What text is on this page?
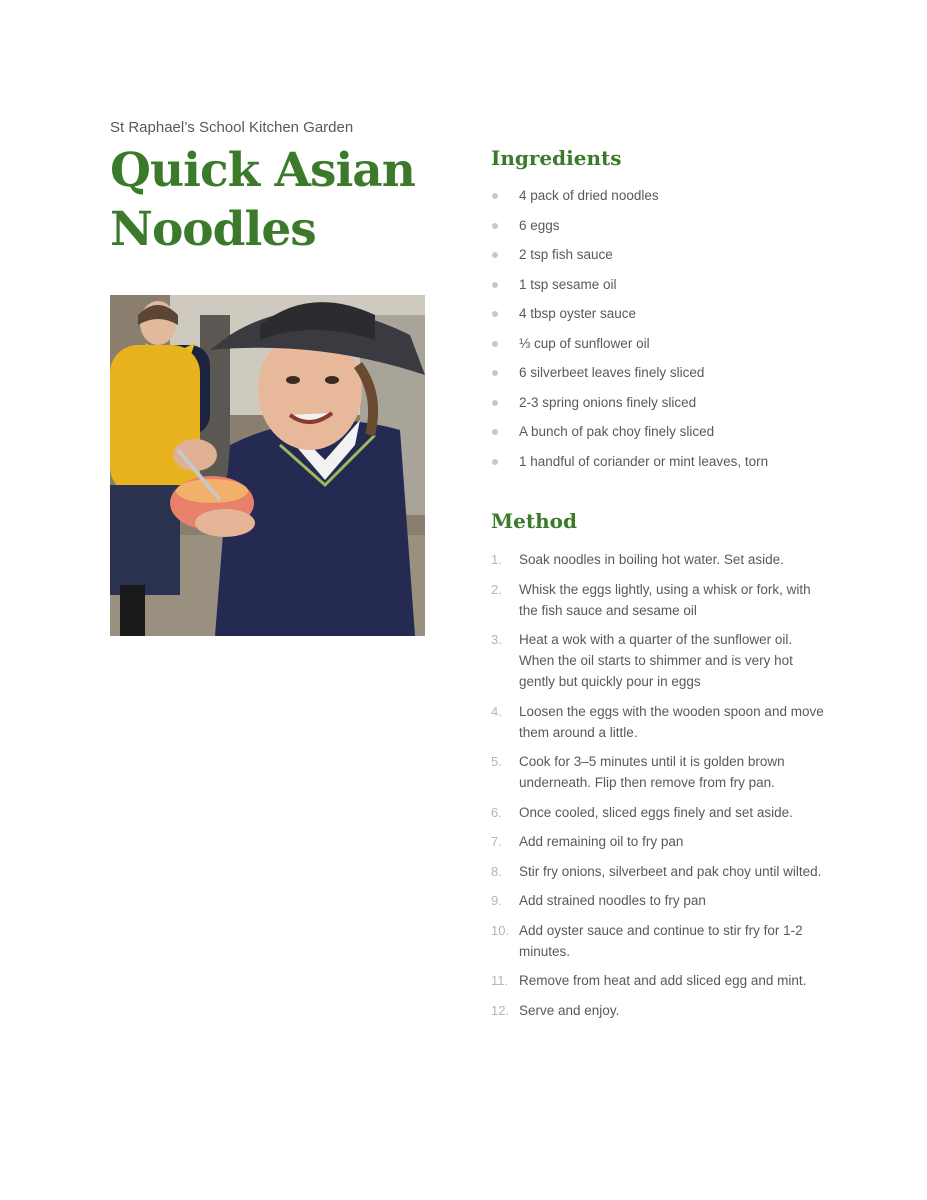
St Raphael’s School Kitchen Garden
Quick Asian
Noodles
Ingredients
4 pack of dried noodles
6 eggs
2 tsp fish sauce
1 tsp sesame oil
4 tbsp oyster sauce
⅓ cup of sunflower oil
6 silverbeet leaves finely sliced
2-3 spring onions finely sliced
A bunch of pak choy finely sliced
1 handful of coriander or mint leaves, torn
Method
1. Soak noodles in boiling hot water. Set aside.
2. Whisk the eggs lightly, using a whisk or fork, with the fish sauce and sesame oil
3. Heat a wok with a quarter of the sunflower oil. When the oil starts to shimmer and is very hot gently but quickly pour in eggs
4. Loosen the eggs with the wooden spoon and move them around a little.
5. Cook for 3–5 minutes until it is golden brown underneath. Flip then remove from fry pan.
6. Once cooled, sliced eggs finely and set aside.
7. Add remaining oil to fry pan
8. Stir fry onions, silverbeet and pak choy until wilted.
9. Add strained noodles to fry pan
10. Add oyster sauce and continue to stir fry for 1-2 minutes.
11. Remove from heat and add sliced egg and mint.
12. Serve and enjoy.
